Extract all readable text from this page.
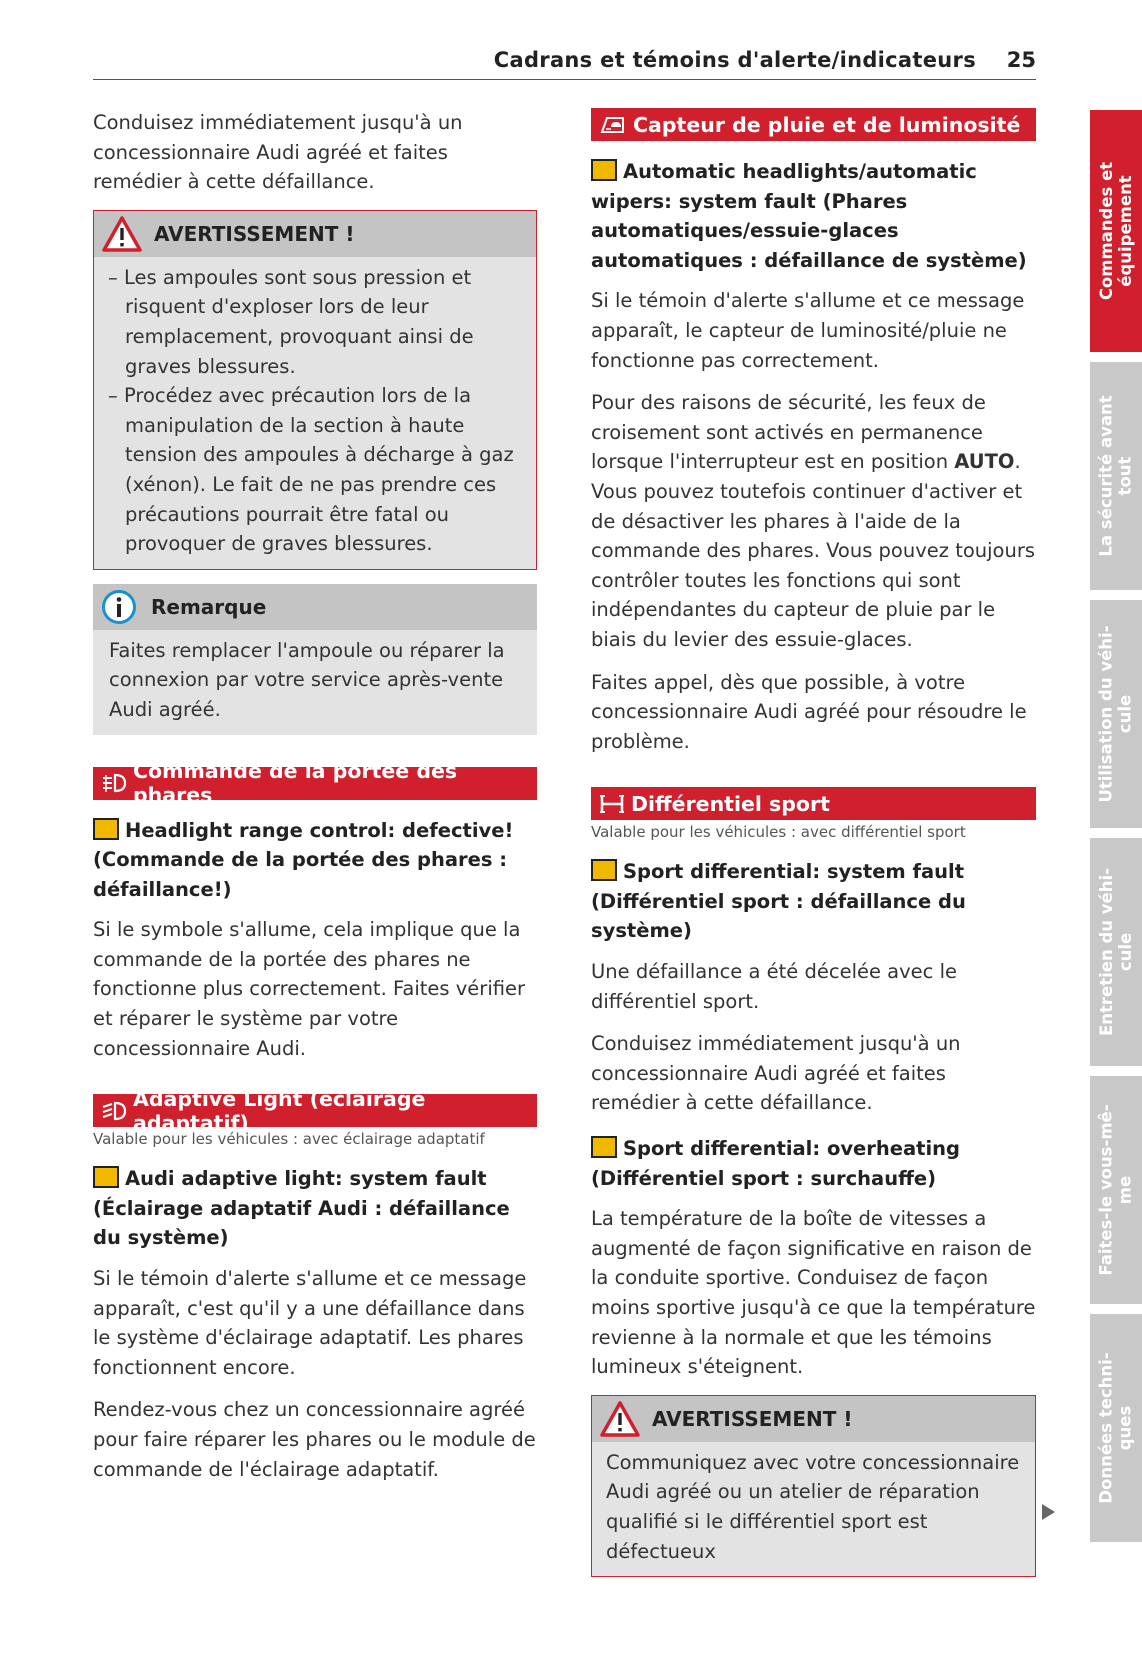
Cadrans et témoins d'alerte/indicateurs 25

Conduisez immédiatement jusqu'à un concessionnaire Audi agréé et faites remédier à cette défaillance.

AVERTISSEMENT !
– Les ampoules sont sous pression et risquent d'exploser lors de leur remplacement, provoquant ainsi de graves blessures.
– Procédez avec précaution lors de la manipulation de la section à haute tension des ampoules à décharge à gaz (xénon). Le fait de ne pas prendre ces précautions pourrait être fatal ou provoquer de graves blessures.
Remarque
Faites remplacer l'ampoule ou réparer la connexion par votre service après-vente Audi agréé.
Commande de la portée des phares
Headlight range control: defective! (Commande de la portée des phares : défaillance!)

Si le symbole s'allume, cela implique que la commande de la portée des phares ne fonctionne plus correctement. Faites vérifier et réparer le système par votre concessionnaire Audi.

Adaptive Light (éclairage adaptatif)
Valable pour les véhicules : avec éclairage adaptatif
Audi adaptive light: system fault (Éclairage adaptatif Audi : défaillance du système)

Si le témoin d'alerte s'allume et ce message apparaît, c'est qu'il y a une défaillance dans le système d'éclairage adaptatif. Les phares fonctionnent encore.

Rendez-vous chez un concessionnaire agréé pour faire réparer les phares ou le module de commande de l'éclairage adaptatif.

Capteur de pluie et de luminosité
Automatic headlights/automatic wipers: system fault (Phares automatiques/essuie-glaces automatiques : défaillance de système)

Si le témoin d'alerte s'allume et ce message apparaît, le capteur de luminosité/pluie ne fonctionne pas correctement.

Pour des raisons de sécurité, les feux de croisement sont activés en permanence lorsque l'interrupteur est en position AUTO. Vous pouvez toutefois continuer d'activer et de désactiver les phares à l'aide de la commande des phares. Vous pouvez toujours contrôler toutes les fonctions qui sont indépendantes du capteur de pluie par le biais du levier des essuie-glaces.

Faites appel, dès que possible, à votre concessionnaire Audi agréé pour résoudre le problème.

Différentiel sport
Valable pour les véhicules : avec différentiel sport
Sport differential: system fault (Différentiel sport : défaillance du système)

Une défaillance a été décelée avec le différentiel sport.

Conduisez immédiatement jusqu'à un concessionnaire Audi agréé et faites remédier à cette défaillance.

Sport differential: overheating (Différentiel sport : surchauffe)

La température de la boîte de vitesses a augmenté de façon significative en raison de la conduite sportive. Conduisez de façon moins sportive jusqu'à ce que la température revienne à la normale et que les témoins lumineux s'éteignent.

AVERTISSEMENT !
Communiquez avec votre concessionnaire Audi agréé ou un atelier de réparation qualifié si le différentiel sport est défectueux
Commandes et équipement
La sécurité avant tout
Utilisation du véhi- cule
Entretien du véhi- cule
Faites-le vous-mê- me
Données techni- ques
